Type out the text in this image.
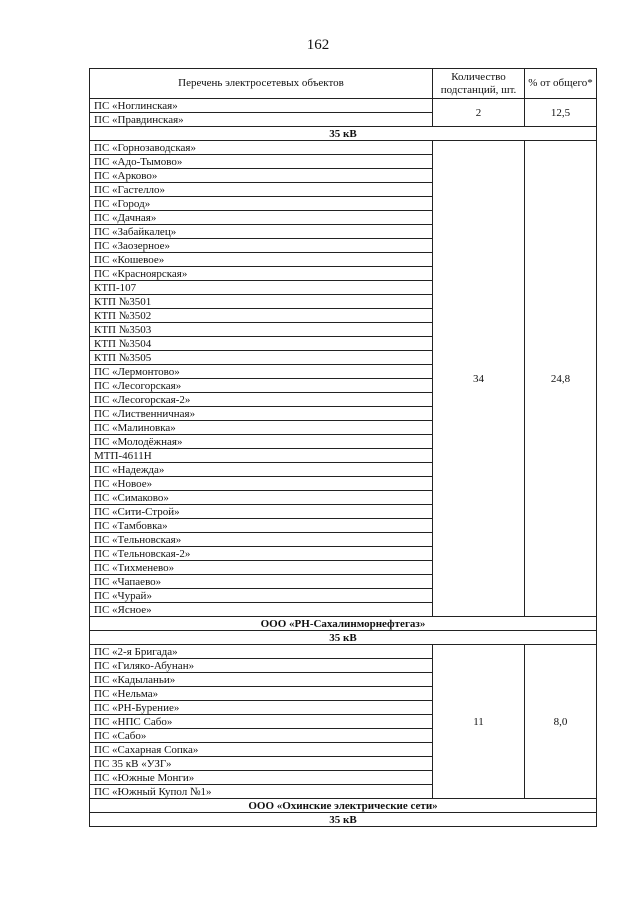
162
Перечень электросетевых объектов	Количество подстанций, шт.	% от общего*
ПС «Ноглинская»	2	12,5
ПС «Правдинская»		
35 кВ		
ПС «Горнозаводская»	34	24,8
ПС «Адо-Тымово»		
ПС «Арково»		
ПС «Гастелло»		
ПС «Город»		
ПС «Дачная»		
ПС «Забайкалец»		
ПС «Заозерное»		
ПС «Кошевое»		
ПС «Красноярская»		
КТП-107		
КТП №3501		
КТП №3502		
КТП №3503		
КТП №3504		
КТП №3505		
ПС «Лермонтово»		
ПС «Лесогорская»		
ПС «Лесогорская-2»		
ПС «Лиственничная»		
ПС «Малиновка»		
ПС «Молодёжная»		
МТП-4611Н		
ПС «Надежда»		
ПС «Новое»		
ПС «Симаково»		
ПС «Сити-Строй»		
ПС «Тамбовка»		
ПС «Тельновская»		
ПС «Тельновская-2»		
ПС «Тихменево»		
ПС «Чапаево»		
ПС «Чурай»		
ПС «Ясное»		
ООО «РН-Сахалинморнефтегаз»		
35 кВ		
ПС «2-я Бригада»	11	8,0
ПС «Гиляко-Абунан»		
ПС «Кадыланьи»		
ПС «Нельма»		
ПС «РН-Бурение»		
ПС «НПС Сабо»		
ПС «Сабо»		
ПС «Сахарная Сопка»		
ПС 35 кВ «УЗГ»		
ПС «Южные Монги»		
ПС «Южный Купол №1»		
ООО «Охинские электрические сети»		
35 кВ		
